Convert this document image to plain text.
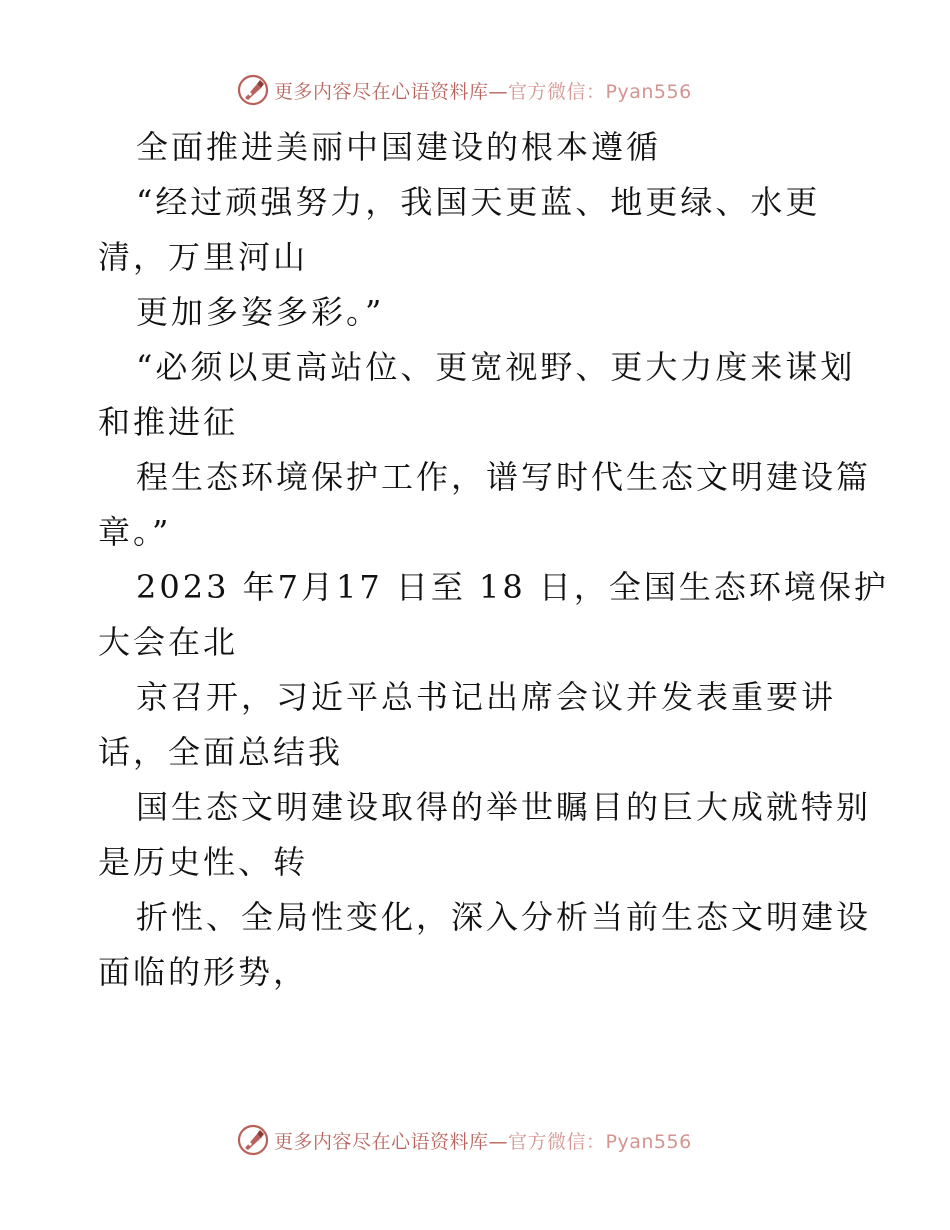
更多内容尽在心语资料库—官方微信：Pyan556
全面推进美丽中国建设的根本遵循
“经过顽强努力，我国天更蓝、地更绿、水更
清，万里河山
更加多姿多彩。”
“必须以更高站位、更宽视野、更大力度来谋划
和推进征
程生态环境保护工作，谱写时代生态文明建设篇
章。”
2023 年7月17 日至 18 日，全国生态环境保护
大会在北
京召开，习近平总书记出席会议并发表重要讲
话，全面总结我
国生态文明建设取得的举世瞩目的巨大成就特别
是历史性、转
折性、全局性变化，深入分析当前生态文明建设
面临的形势，
更多内容尽在心语资料库—官方微信：Pyan556
